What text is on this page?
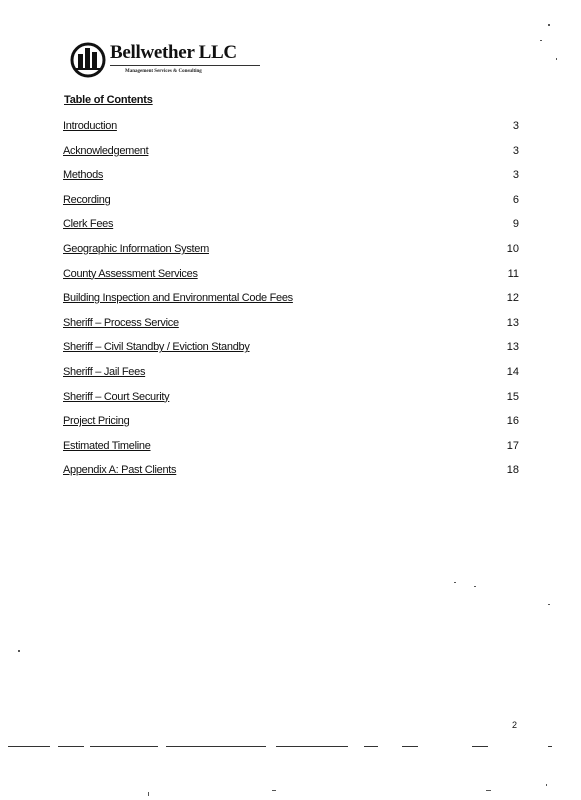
Bellwether LLC
Management Services & Consulting
Table of Contents
Introduction	3
Acknowledgement	3
Methods	3
Recording	6
Clerk Fees	9
Geographic Information System	10
County Assessment Services	11
Building Inspection and Environmental Code Fees	12
Sheriff – Process Service	13
Sheriff – Civil Standby / Eviction Standby	13
Sheriff – Jail Fees	14
Sheriff – Court Security	15
Project Pricing	16
Estimated Timeline	17
Appendix A: Past Clients	18
2
